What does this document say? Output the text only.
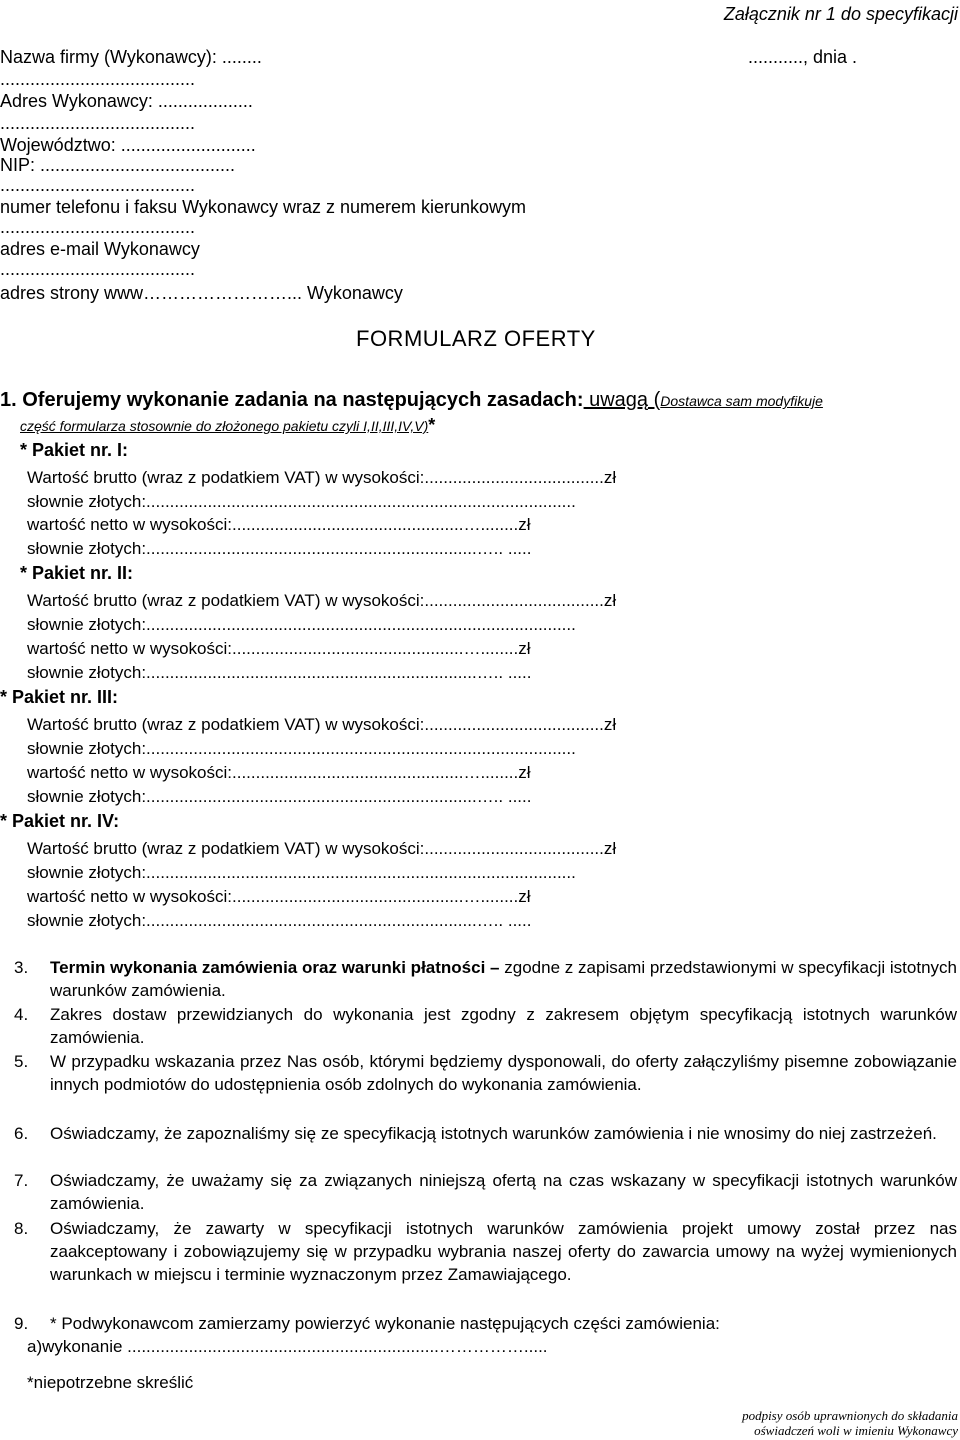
Załącznik nr 1 do specyfikacji
..........., dnia .
Nazwa firmy (Wykonawcy): ........
.......................................
Adres Wykonawcy: ...................
.......................................
Województwo: ...........................
NIP: .......................................
.......................................
numer telefonu i faksu Wykonawcy wraz z numerem kierunkowym
.......................................
adres e-mail Wykonawcy
.......................................
adres strony www……………………... Wykonawcy
FORMULARZ OFERTY
1. Oferujemy wykonanie zadania na następujących zasadach: uwagą (Dostawca sam modyfikuje
część formularza stosownie do złożonego pakietu czyli I,II,III,IV,V)*
* Pakiet nr. I:
Wartość brutto (wraz z podatkiem VAT) w wysokości:......................................zł
słownie złotych:...........................................................................................
wartość netto w wysokości:.................................................…........zł
słownie złotych:......................................................................….. .....
* Pakiet nr. II:
Wartość brutto (wraz z podatkiem VAT) w wysokości:......................................zł
słownie złotych:...........................................................................................
wartość netto w wysokości:.................................................…........zł
słownie złotych:......................................................................….. .....
* Pakiet nr. III:
Wartość brutto (wraz z podatkiem VAT) w wysokości:......................................zł
słownie złotych:...........................................................................................
wartość netto w wysokości:.................................................…........zł
słownie złotych:......................................................................….. .....
* Pakiet nr. IV:
Wartość brutto (wraz z podatkiem VAT) w wysokości:......................................zł
słownie złotych:...........................................................................................
wartość netto w wysokości:.................................................…........zł
słownie złotych:......................................................................….. .....
3. Termin wykonania zamówienia oraz warunki płatności – zgodne z zapisami przedstawionymi w specyfikacji istotnych warunków zamówienia.
4. Zakres dostaw przewidzianych do wykonania jest zgodny z zakresem objętym specyfikacją istotnych warunków zamówienia.
5. W przypadku wskazania przez Nas osób, którymi będziemy dysponowali, do oferty załączyliśmy pisemne zobowiązanie innych podmiotów do udostępnienia osób zdolnych do wykonania zamówienia.
6. Oświadczamy, że zapoznaliśmy się ze specyfikacją istotnych warunków zamówienia i nie wnosimy do niej zastrzeżeń.
7. Oświadczamy, że uważamy się za związanych niniejszą ofertą na czas wskazany w specyfikacji istotnych warunków zamówienia.
8. Oświadczamy, że zawarty w specyfikacji istotnych warunków zamówienia projekt umowy został przez nas zaakceptowany i zobowiązujemy się w przypadku wybrania naszej oferty do zawarcia umowy na wyżej wymienionych warunkach w miejscu i terminie wyznaczonym przez Zamawiającego.
9. * Podwykonawcom zamierzamy powierzyć wykonanie następujących części zamówienia:
a)wykonanie ..................................................................…………….....
*niepotrzebne skreślić
podpisy osób uprawnionych do składania
oświadczeń woli w imieniu Wykonawcy
